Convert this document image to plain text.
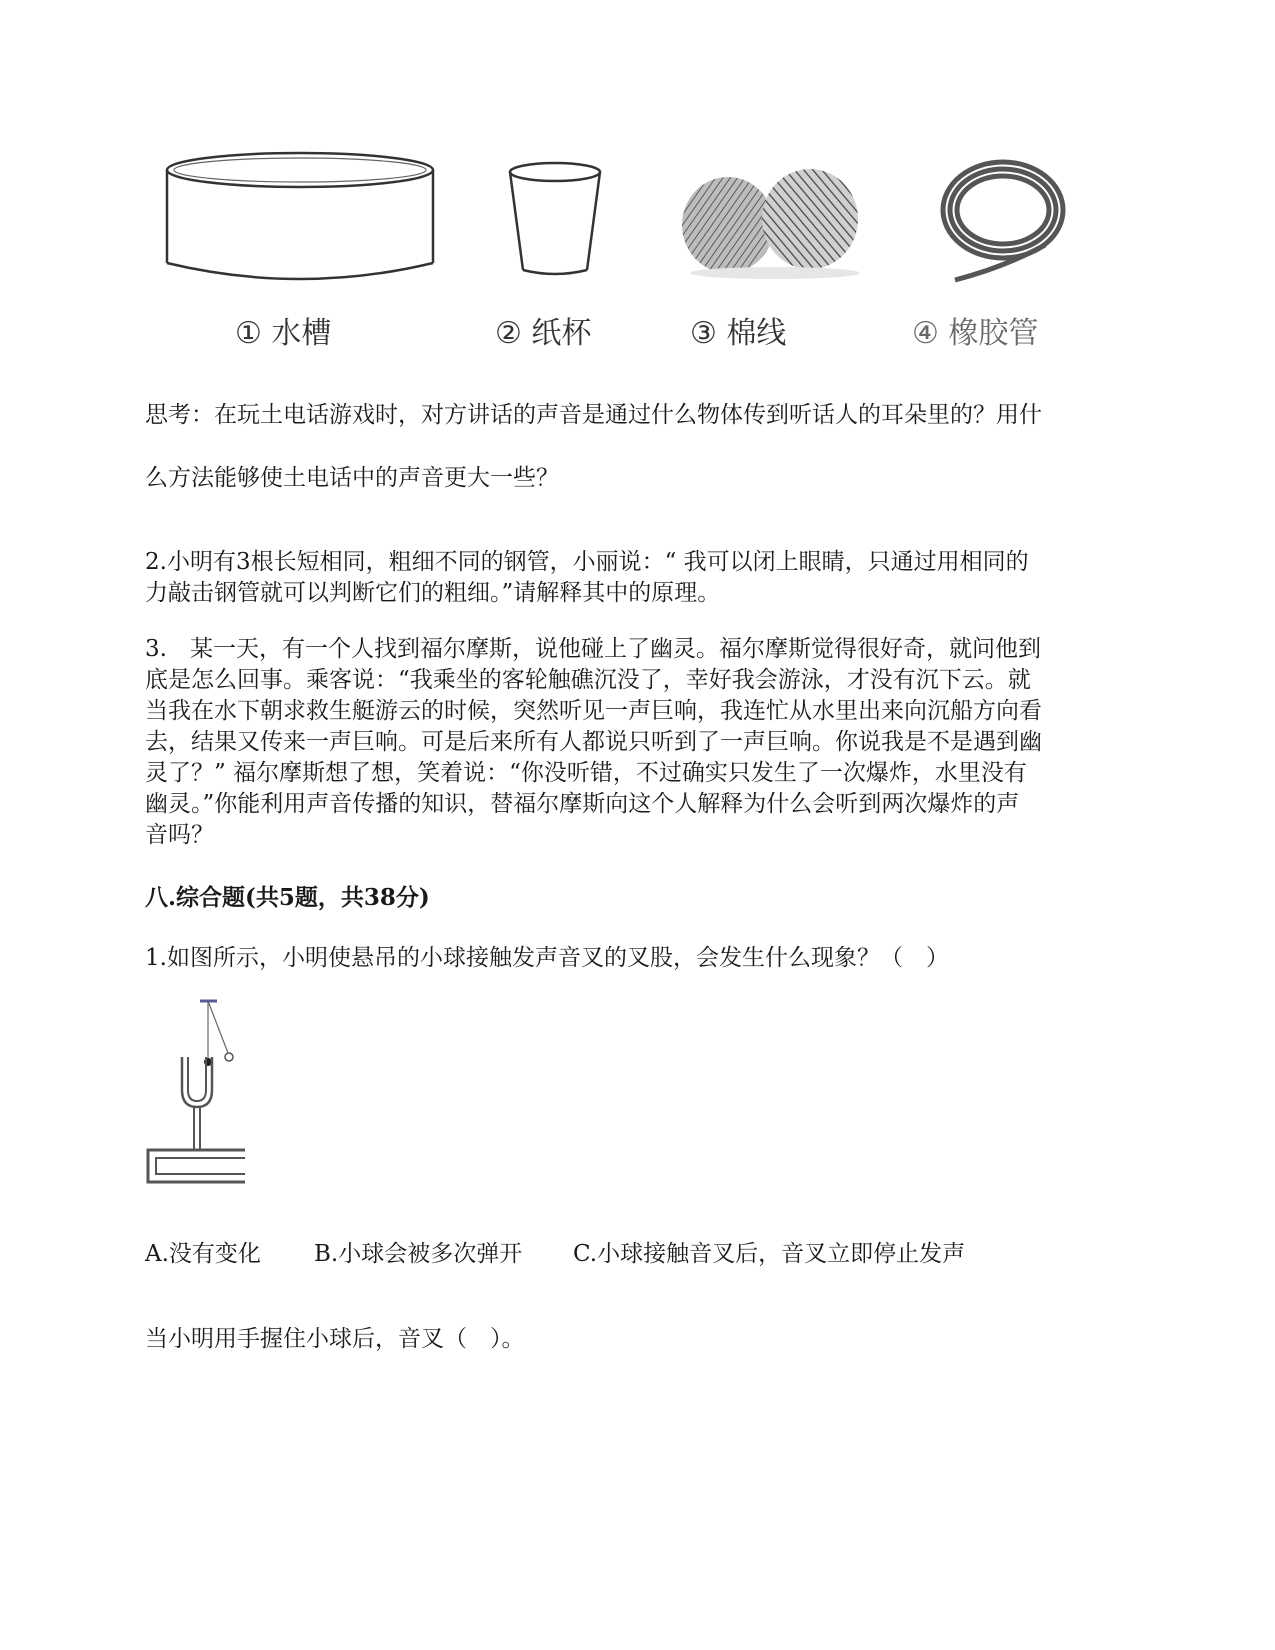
① 水槽	② 纸杯	③ 棉线	④ 橡胶管
思考：在玩土电话游戏时，对方讲话的声音是通过什么物体传到听话人的耳朵里的？用什
么方法能够使土电话中的声音更大一些？
2.小明有3根长短相同，粗细不同的钢管，小丽说：“ 我可以闭上眼睛，只通过用相同的
力敲击钢管就可以判断它们的粗细。”请解释其中的原理。
3.　某一天，有一个人找到福尔摩斯，说他碰上了幽灵。福尔摩斯觉得很好奇，就问他到
底是怎么回事。乘客说：“我乘坐的客轮触礁沉没了，幸好我会游泳，才没有沉下云。就
当我在水下朝求救生艇游云的时候，突然听见一声巨响，我连忙从水里出来向沉船方向看
去，结果又传来一声巨响。可是后来所有人都说只听到了一声巨响。你说我是不是遇到幽
灵了？” 福尔摩斯想了想，笑着说：“你没听错，不过确实只发生了一次爆炸，水里没有
幽灵。”你能利用声音传播的知识，替福尔摩斯向这个人解释为什么会听到两次爆炸的声
音吗？
八.综合题(共5题，共38分)
1.如图所示，小明使悬吊的小球接触发声音叉的叉股，会发生什么现象？（　）
A.没有变化 B.小球会被多次弹开 C.小球接触音叉后，音叉立即停止发声
当小明用手握住小球后，音叉（　）。
